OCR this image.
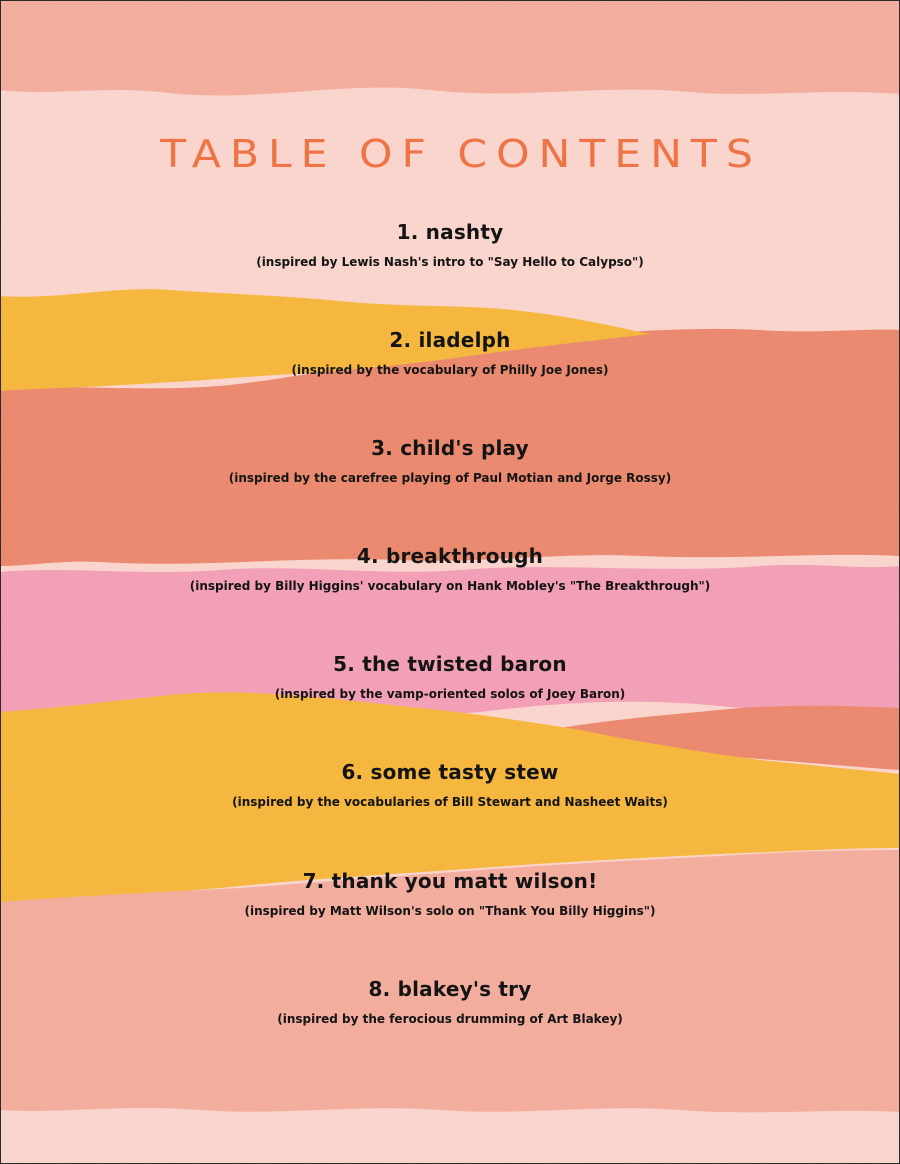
TABLE OF CONTENTS
1. nashty
(inspired by Lewis Nash's intro to "Say Hello to Calypso")
2. iladelph
(inspired by the vocabulary of Philly Joe Jones)
3. child's play
(inspired by the carefree playing of Paul Motian and Jorge Rossy)
4. breakthrough
(inspired by Billy Higgins' vocabulary on Hank Mobley's "The Breakthrough")
5. the twisted baron
(inspired by the vamp-oriented solos of Joey Baron)
6. some tasty stew
(inspired by the vocabularies of Bill Stewart and Nasheet Waits)
7. thank you matt wilson!
(inspired by Matt Wilson's solo on "Thank You Billy Higgins")
8. blakey's try
(inspired by the ferocious drumming of Art Blakey)
